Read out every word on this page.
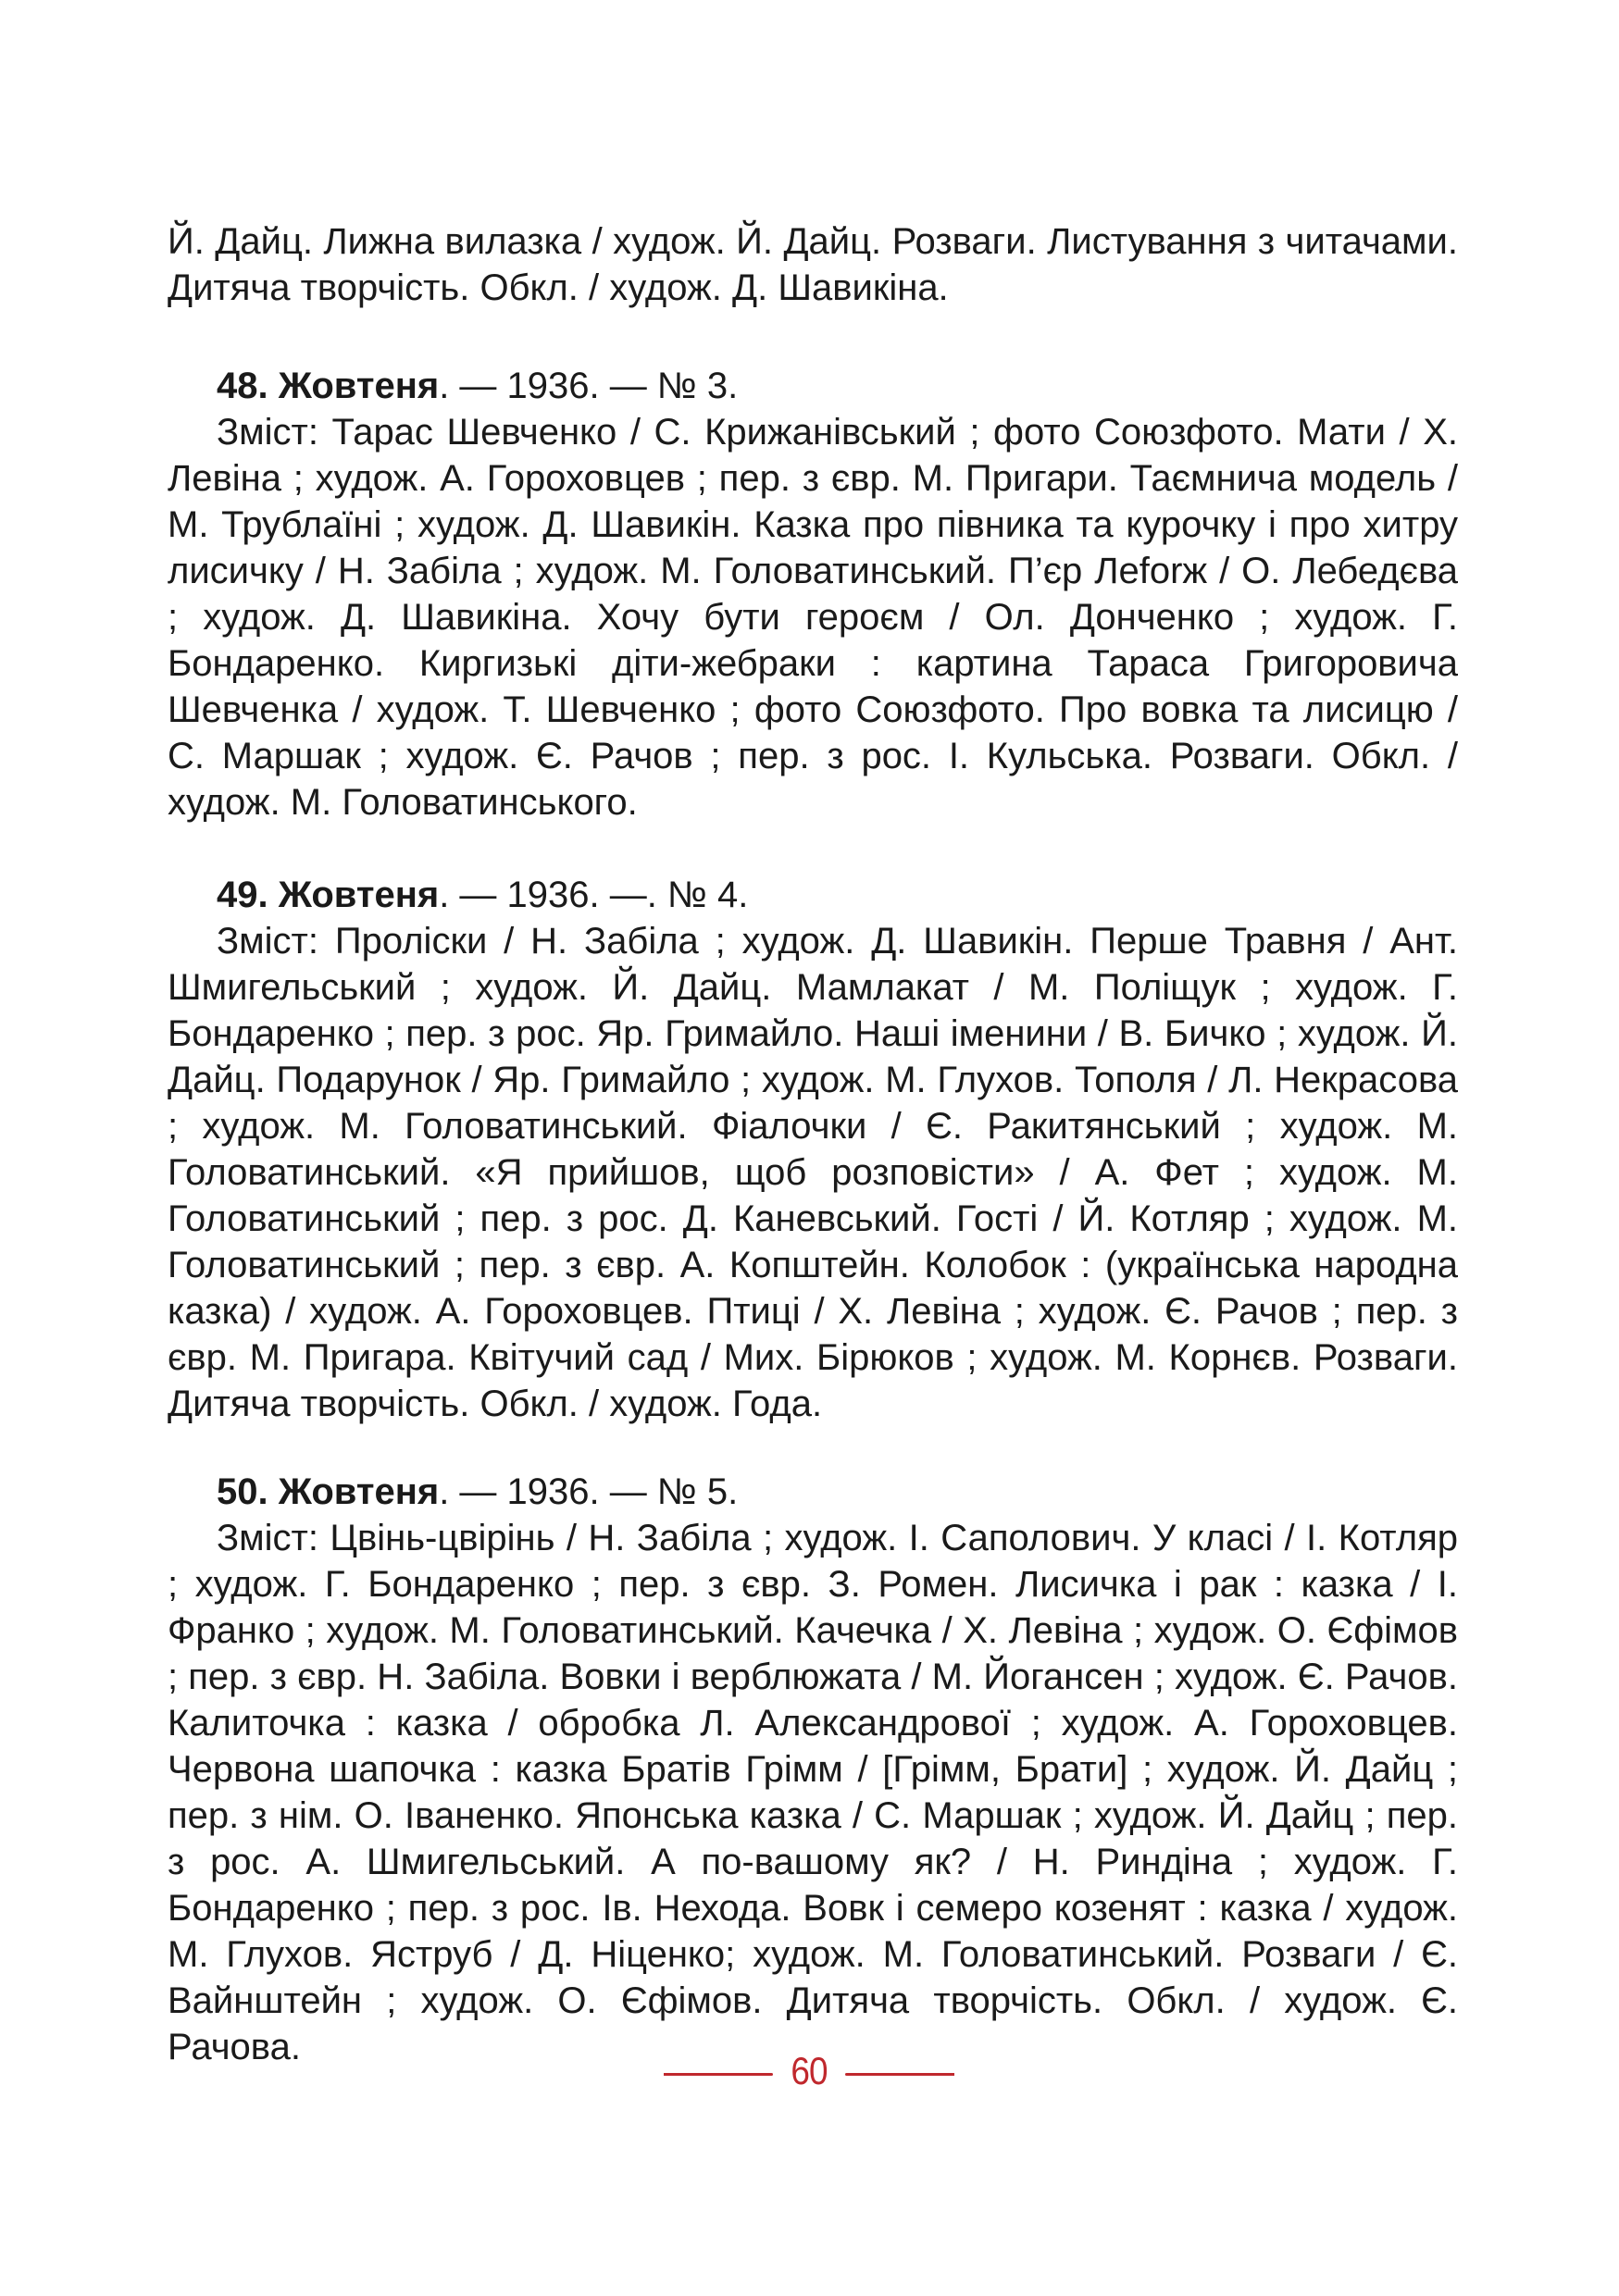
Й. Дайц. Лижна вилазка / худож. Й. Дайц. Розваги. Листування з читачами. Дитяча творчість. Обкл. / худож. Д. Шавикіна.

48. Жовтеня. — 1936. — № 3.

Зміст: Тарас Шевченко / С. Крижанівський ; фото Союзфото. Мати / Х. Левіна ; худож. А. Гороховцев ; пер. з євр. М. Пригари. Таємнича модель / М. Трублаїні ; худож. Д. Шавикін. Казка про півника та курочку і про хитру лисичку / Н. Забіла ; худож. М. Головатинський. П’єр Леforж / О. Лебедєва ; худож. Д. Шавикіна. Хочу бути героєм / Ол. Донченко ; худож. Г. Бондаренко. Киргизькі діти-жебраки : картина Тараса Григоровича Шевченка / худож. Т. Шевченко ; фото Союзфото. Про вовка та лисицю / С. Маршак ; худож. Є. Рачов ; пер. з рос. І. Кульська. Розваги. Обкл. / худож. М. Головатинського.

49. Жовтеня. — 1936. —. № 4.

Зміст: Проліски / Н. Забіла ; худож. Д. Шавикін. Перше Травня / Ант. Шмигельський ; худож. Й. Дайц. Мамлакат / М. Поліщук ; худож. Г. Бондаренко ; пер. з рос. Яр. Гримайло. Наші іменини / В. Бичко ; худож. Й. Дайц. Подарунок / Яр. Гримайло ; худож. М. Глухов. Тополя / Л. Некрасова ; худож. М. Головатинський. Фіалочки / Є. Ракитянський ; худож. М. Головатинський. «Я прийшов, щоб розповісти» / А. Фет ; худож. М. Головатинський ; пер. з рос. Д. Каневський. Гості / Й. Котляр ; худож. М. Головатинський ; пер. з євр. А. Копштейн. Колобок : (українська народна казка) / худож. А. Гороховцев. Птиці / Х. Левіна ; худож. Є. Рачов ; пер. з євр. М. Пригара. Квітучий сад / Мих. Бірюков ; худож. М. Корнєв. Розваги. Дитяча творчість. Обкл. / худож. Года.

50. Жовтеня. — 1936. — № 5.

Зміст: Цвінь-цвірінь / Н. Забіла ; худож. І. Саполович. У класі / І. Котляр ; худож. Г. Бондаренко ; пер. з євр. З. Ромен. Лисичка і рак : казка / І. Франко ; худож. М. Головатинський. Качечка / Х. Левіна ; худож. О. Єфімов ; пер. з євр. Н. Забіла. Вовки і верблюжата / М. Йогансен ; худож. Є. Рачов. Калиточка : казка / обробка Л. Александрової ; худож. А. Гороховцев. Червона шапочка : казка Братів Грімм / [Грімм, Брати] ; худож. Й. Дайц ; пер. з нім. О. Іваненко. Японська казка / С. Маршак ; худож. Й. Дайц ; пер. з рос. А. Шмигельський. А по-вашому як? / Н. Риндіна ; худож. Г. Бондаренко ; пер. з рос. Ів. Нехода. Вовк і семеро козенят : казка / худож. М. Глухов. Яструб / Д. Ніценко; худож. М. Головатинський. Розваги / Є. Вайнштейн ; худож. О. Єфімов. Дитяча творчість. Обкл. / худож. Є. Рачова.

60
